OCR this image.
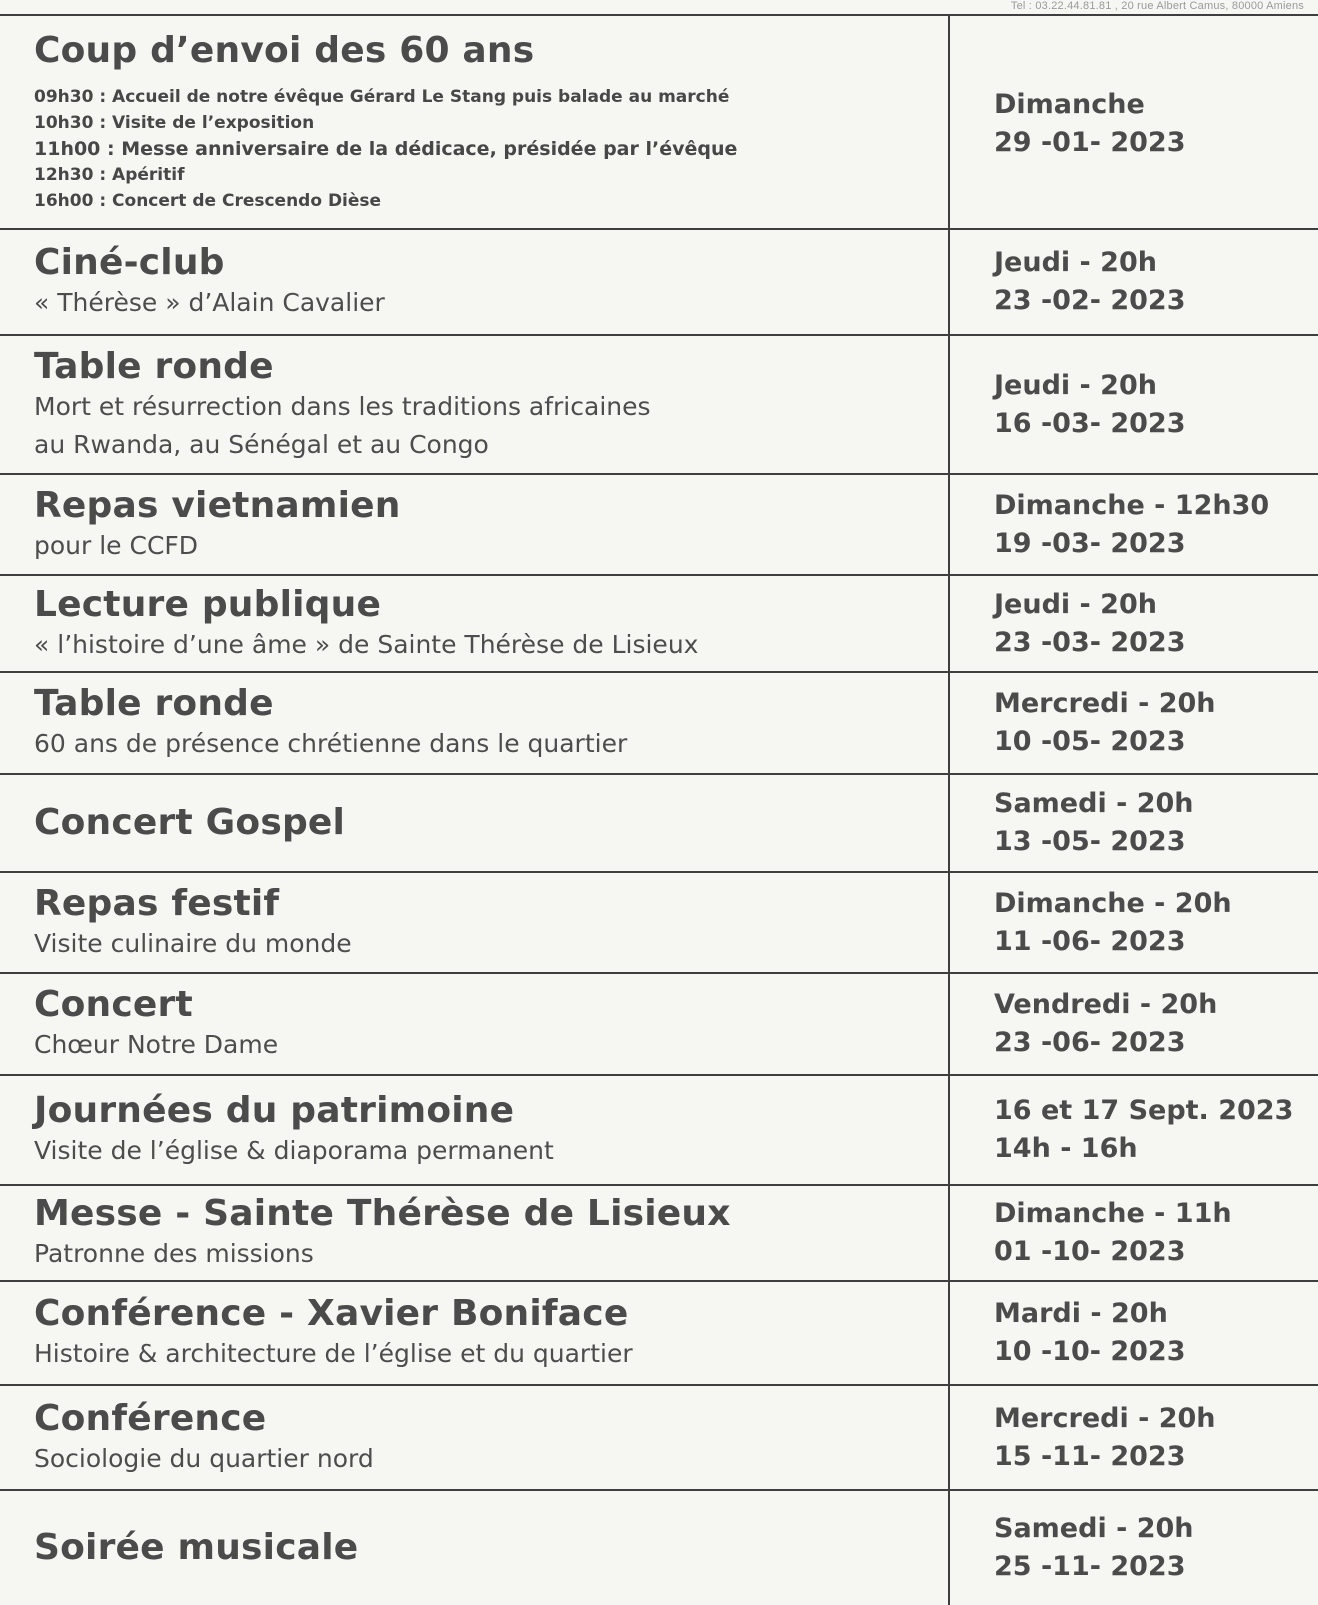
Tel : 03.22.44.81.81 , 20 rue Albert Camus, 80000 Amiens
Coup d’envoi des 60 ans
09h30 : Accueil de notre évêque Gérard Le Stang puis balade au marché
10h30 : Visite de l’exposition
11h00 : Messe anniversaire de la dédicace, présidée par l’évêque
12h30 : Apéritif
16h00 : Concert de Crescendo Dièse
Dimanche
29 -01- 2023
Ciné-club
« Thérèse » d’Alain Cavalier
Jeudi - 20h
23 -02- 2023
Table ronde
Mort et résurrection dans les traditions africaines
au Rwanda, au Sénégal et au Congo
Jeudi - 20h
16 -03- 2023
Repas vietnamien
pour le CCFD
Dimanche - 12h30
19 -03- 2023
Lecture publique
« l’histoire d’une âme » de Sainte Thérèse de Lisieux
Jeudi - 20h
23 -03- 2023
Table ronde
60 ans de présence chrétienne dans le quartier
Mercredi - 20h
10 -05- 2023
Concert Gospel	Samedi - 20h
13 -05- 2023
Repas festif
Visite culinaire du monde
Dimanche - 20h
11 -06- 2023
Concert
Chœur Notre Dame
Vendredi - 20h
23 -06- 2023
Journées du patrimoine
Visite de l’église & diaporama permanent
16 et 17 Sept. 2023
14h - 16h
Messe - Sainte Thérèse de Lisieux
Patronne des missions
Dimanche - 11h
01 -10- 2023
Conférence - Xavier Boniface
Histoire & architecture de l’église et du quartier
Mardi - 20h
10 -10- 2023
Conférence
Sociologie du quartier nord
Mercredi - 20h
15 -11- 2023
Soirée musicale	Samedi - 20h
25 -11- 2023
